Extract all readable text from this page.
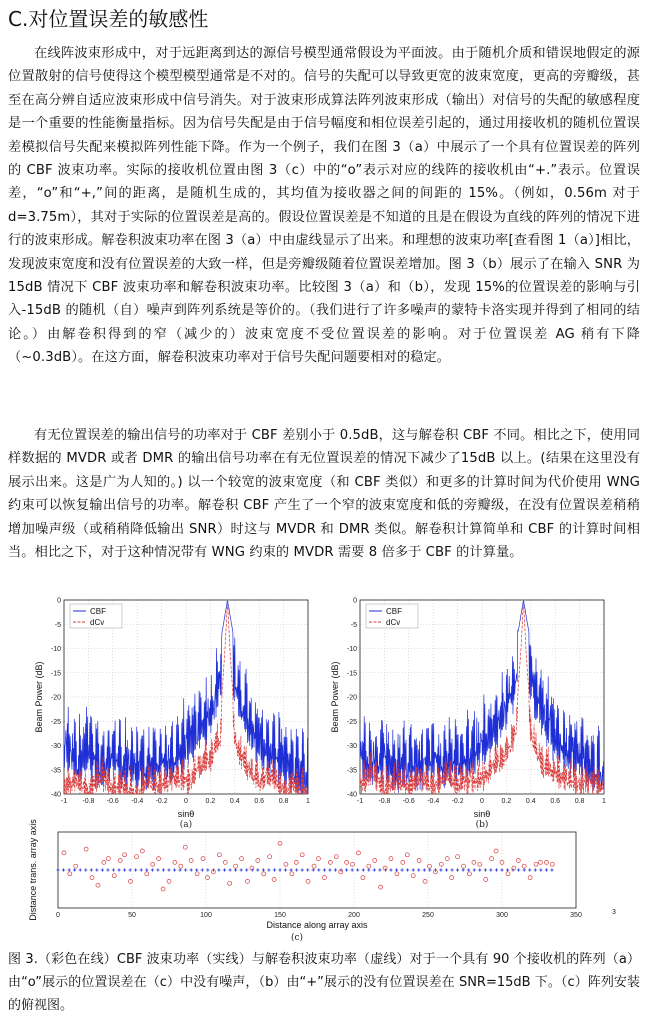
C.对位置误差的敏感性

在线阵波束形成中，对于远距离到达的源信号模型通常假设为平面波。由于随机介质和错误地假定的源位置散射的信号使得这个模型模型通常是不对的。信号的失配可以导致更宽的波束宽度，更高的旁瓣级，甚至在高分辨自适应波束形成中信号消失。对于波束形成算法阵列波束形成（输出）对信号的失配的敏感程度是一个重要的性能衡量指标。因为信号失配是由于信号幅度和相位误差引起的，通过用接收机的随机位置误差模拟信号失配来模拟阵列性能下降。作为一个例子，我们在图 3（a）中展示了一个具有位置误差的阵列的 CBF 波束功率。实际的接收机位置由图 3（c）中的“o”表示对应的线阵的接收机由“+.”表示。位置误差，“o”和“+,”间的距离，是随机生成的，其均值为接收器之间的间距的 15%。（例如，0.56m 对于 d=3.75m），其对于实际的位置误差是高的。假设位置误差是不知道的且是在假设为直线的阵列的情况下进行的波束形成。解卷积波束功率在图 3（a）中由虚线显示了出来。和理想的波束功率[查看图 1（a）]相比，发现波束宽度和没有位置误差的大致一样，但是旁瓣级随着位置误差增加。图 3（b）展示了在输入 SNR 为 15dB 情况下 CBF 波束功率和解卷积波束功率。比较图 3（a）和（b），发现 15%的位置误差的影响与引入-15dB 的随机（自）噪声到阵列系统是等价的。（我们进行了许多噪声的蒙特卡洛实现并得到了相同的结论。）由解卷积得到的窄（减少的）波束宽度不受位置误差的影响。对于位置误差 AG 稍有下降（~0.3dB）。在这方面，解卷积波束功率对于信号失配问题要相对的稳定。

有无位置误差的输出信号的功率对于 CBF 差别小于 0.5dB，这与解卷积 CBF 不同。相比之下，使用同样数据的 MVDR 或者 DMR 的输出信号功率在有无位置误差的情况下减少了15dB 以上。(结果在这里没有展示出来。这是广为人知的。) 以一个较宽的波束宽度（和 CBF 类似）和更多的计算时间为代价使用 WNG 约束可以恢复输出信号的功率。解卷积 CBF 产生了一个窄的波束宽度和低的旁瓣级，在没有位置误差稍稍增加噪声级（或稍稍降低输出 SNR）时这与 MVDR 和 DMR 类似。解卷积计算简单和 CBF 的计算时间相当。相比之下，对于这种情况带有 WNG 约束的 MVDR 需要 8 倍多于 CBF 的计算量。

-1 -0.8 -0.6 -0.4 -0.2 0	0.2 0.4 0.6 0.8	1
0
-5
-10
-15
-20
-25
-30
-35
-40
CBF
dCv
sinθ
Beam Power (dB)
(a)
-1 -0.8 -0.6 -0.4 -0.2 0	0.2 0.4 0.6 0.8	1
0
-5
-10
-15
-20
-25
-30
-35
-40
CBF
dCv
sinθ
Beam Power (dB)
(b)
0	50	100	150	200	250	300	350
Distance along array axis
Distance trans. array axis
(c)
3

图 3.（彩色在线）CBF 波束功率（实线）与解卷积波束功率（虚线）对于一个具有 90 个接收机的阵列（a）由“o”展示的位置误差在（c）中没有噪声，（b）由“+”展示的没有位置误差在 SNR=15dB 下。（c）阵列安装的俯视图。
